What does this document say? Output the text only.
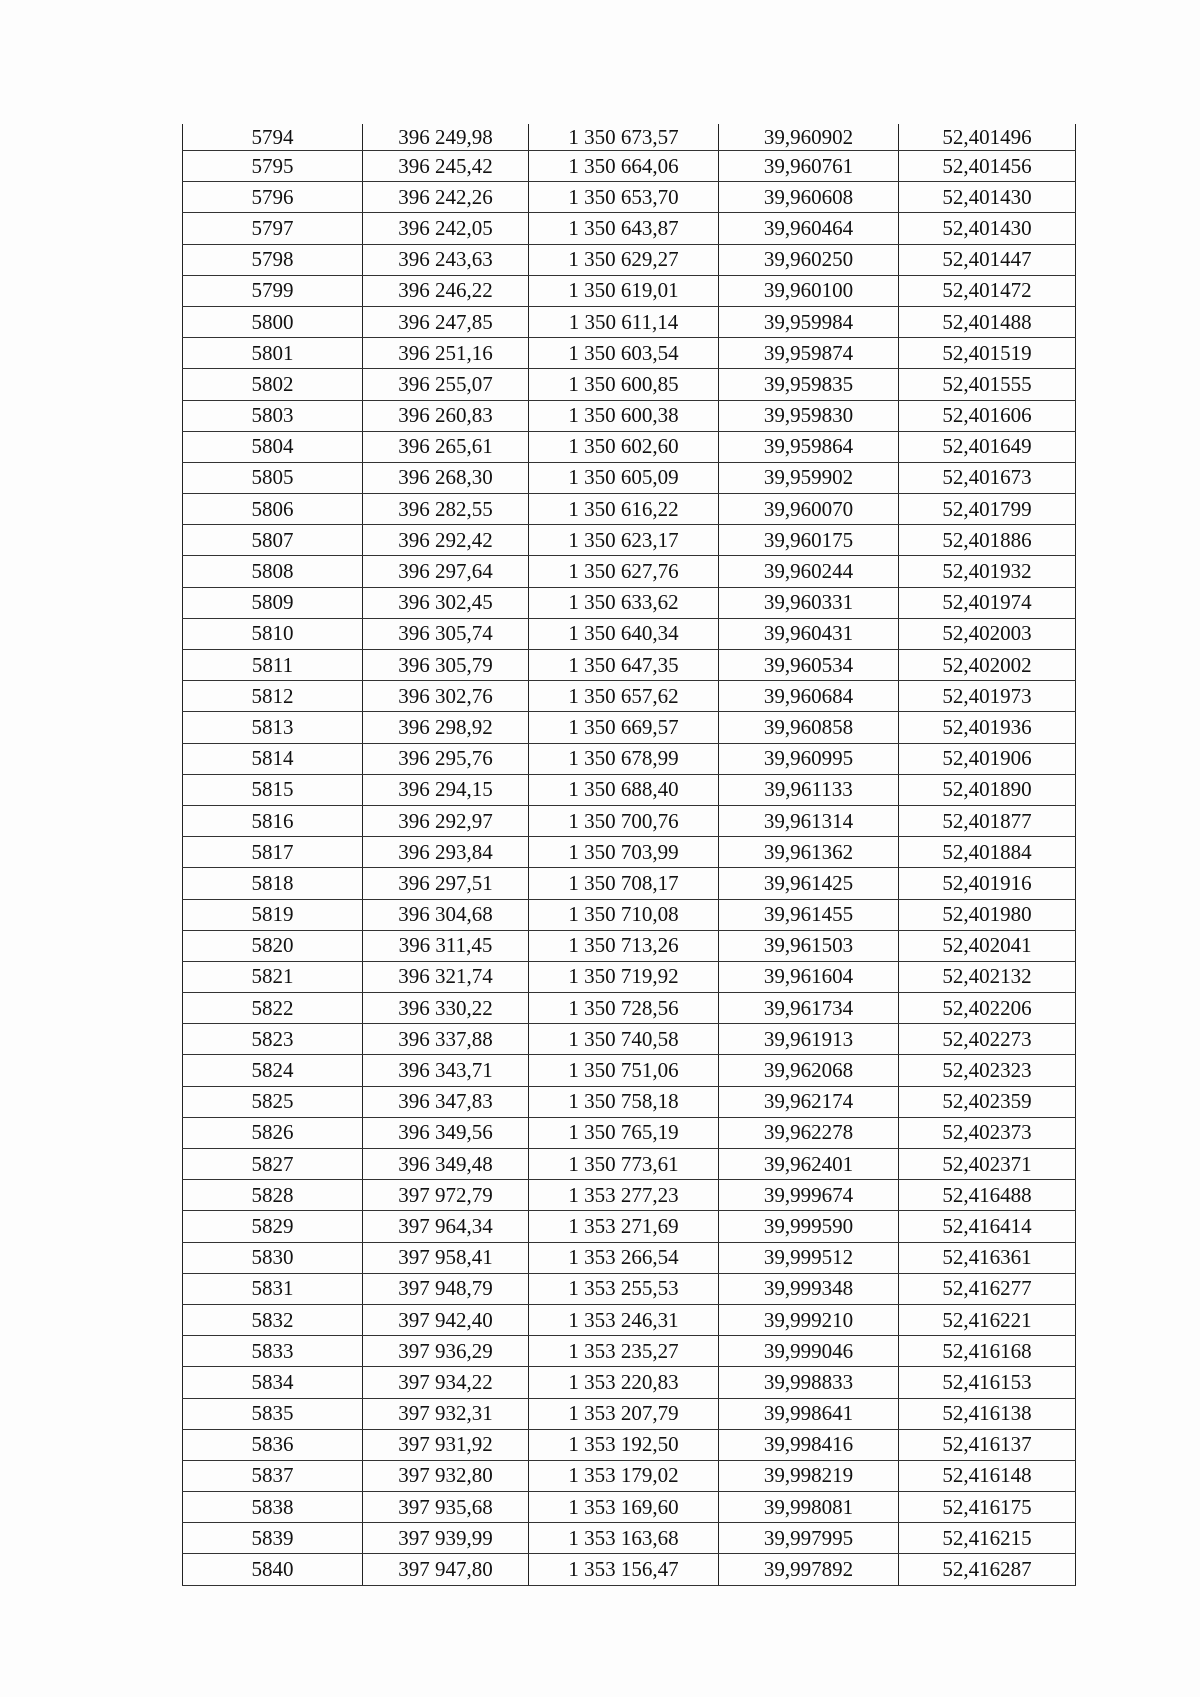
5794	396 249,98	1 350 673,57	39,960902	52,401496
5795	396 245,42	1 350 664,06	39,960761	52,401456
5796	396 242,26	1 350 653,70	39,960608	52,401430
5797	396 242,05	1 350 643,87	39,960464	52,401430
5798	396 243,63	1 350 629,27	39,960250	52,401447
5799	396 246,22	1 350 619,01	39,960100	52,401472
5800	396 247,85	1 350 611,14	39,959984	52,401488
5801	396 251,16	1 350 603,54	39,959874	52,401519
5802	396 255,07	1 350 600,85	39,959835	52,401555
5803	396 260,83	1 350 600,38	39,959830	52,401606
5804	396 265,61	1 350 602,60	39,959864	52,401649
5805	396 268,30	1 350 605,09	39,959902	52,401673
5806	396 282,55	1 350 616,22	39,960070	52,401799
5807	396 292,42	1 350 623,17	39,960175	52,401886
5808	396 297,64	1 350 627,76	39,960244	52,401932
5809	396 302,45	1 350 633,62	39,960331	52,401974
5810	396 305,74	1 350 640,34	39,960431	52,402003
5811	396 305,79	1 350 647,35	39,960534	52,402002
5812	396 302,76	1 350 657,62	39,960684	52,401973
5813	396 298,92	1 350 669,57	39,960858	52,401936
5814	396 295,76	1 350 678,99	39,960995	52,401906
5815	396 294,15	1 350 688,40	39,961133	52,401890
5816	396 292,97	1 350 700,76	39,961314	52,401877
5817	396 293,84	1 350 703,99	39,961362	52,401884
5818	396 297,51	1 350 708,17	39,961425	52,401916
5819	396 304,68	1 350 710,08	39,961455	52,401980
5820	396 311,45	1 350 713,26	39,961503	52,402041
5821	396 321,74	1 350 719,92	39,961604	52,402132
5822	396 330,22	1 350 728,56	39,961734	52,402206
5823	396 337,88	1 350 740,58	39,961913	52,402273
5824	396 343,71	1 350 751,06	39,962068	52,402323
5825	396 347,83	1 350 758,18	39,962174	52,402359
5826	396 349,56	1 350 765,19	39,962278	52,402373
5827	396 349,48	1 350 773,61	39,962401	52,402371
5828	397 972,79	1 353 277,23	39,999674	52,416488
5829	397 964,34	1 353 271,69	39,999590	52,416414
5830	397 958,41	1 353 266,54	39,999512	52,416361
5831	397 948,79	1 353 255,53	39,999348	52,416277
5832	397 942,40	1 353 246,31	39,999210	52,416221
5833	397 936,29	1 353 235,27	39,999046	52,416168
5834	397 934,22	1 353 220,83	39,998833	52,416153
5835	397 932,31	1 353 207,79	39,998641	52,416138
5836	397 931,92	1 353 192,50	39,998416	52,416137
5837	397 932,80	1 353 179,02	39,998219	52,416148
5838	397 935,68	1 353 169,60	39,998081	52,416175
5839	397 939,99	1 353 163,68	39,997995	52,416215
5840	397 947,80	1 353 156,47	39,997892	52,416287
